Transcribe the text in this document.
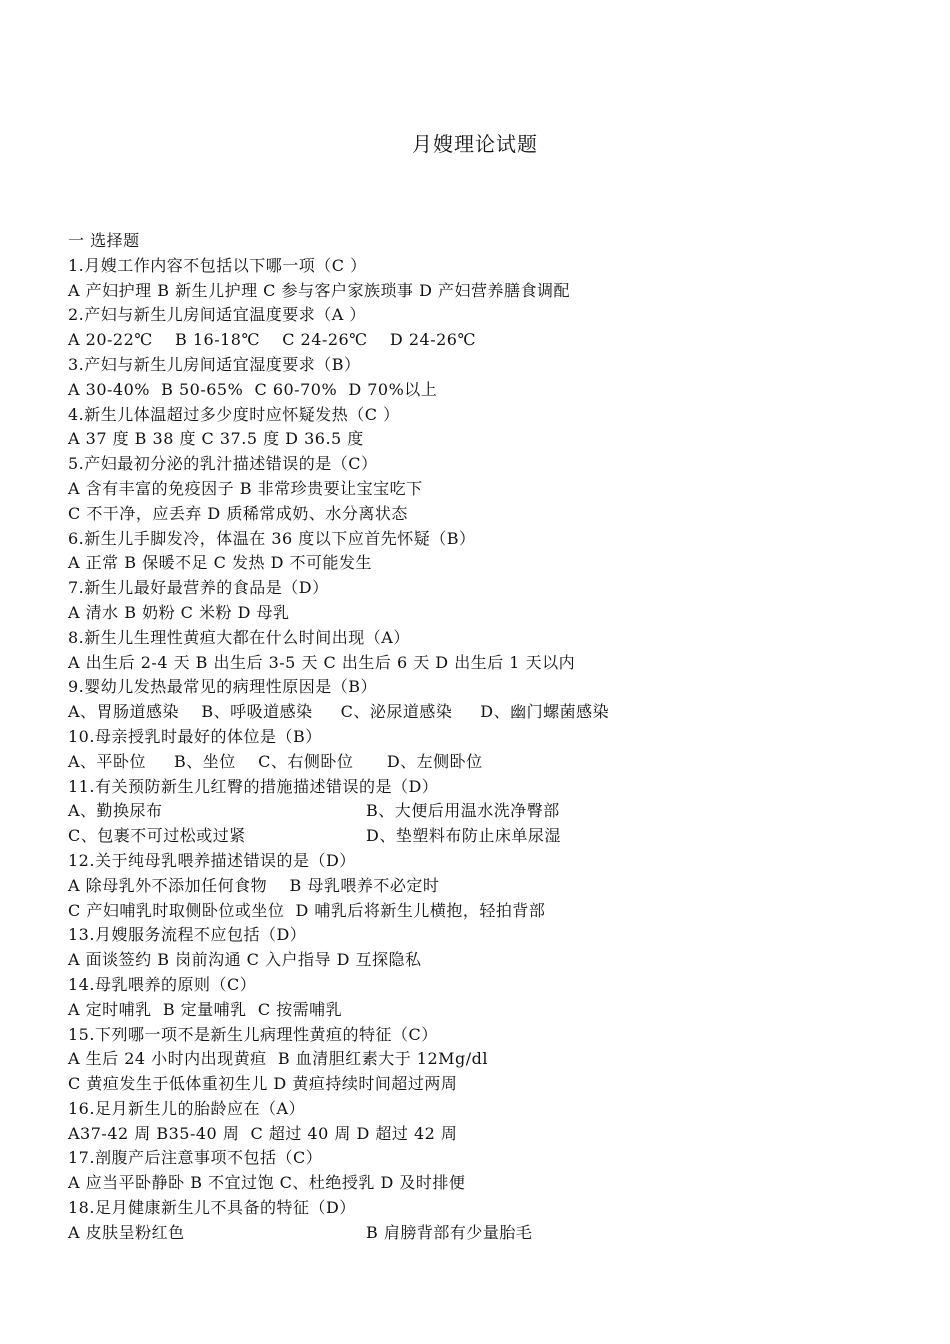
月嫂理论试题
一 选择题
1.月嫂工作内容不包括以下哪一项（C ）
A 产妇护理 B 新生儿护理 C 参与客户家族琐事 D 产妇营养膳食调配
2.产妇与新生儿房间适宜温度要求（A ）
A 20-22℃    B 16-18℃    C 24-26℃    D 24-26℃
3.产妇与新生儿房间适宜湿度要求（B）
A 30-40%  B 50-65%  C 60-70%  D 70%以上
4.新生儿体温超过多少度时应怀疑发热（C ）
A 37 度 B 38 度 C 37.5 度 D 36.5 度
5.产妇最初分泌的乳汁描述错误的是（C）
A 含有丰富的免疫因子 B 非常珍贵要让宝宝吃下
C 不干净，应丢弃 D 质稀常成奶、水分离状态
6.新生儿手脚发冷，体温在 36 度以下应首先怀疑（B）
A 正常 B 保暖不足 C 发热 D 不可能发生
7.新生儿最好最营养的食品是（D）
A 清水 B 奶粉 C 米粉 D 母乳
8.新生儿生理性黄疸大都在什么时间出现（A）
A 出生后 2-4 天 B 出生后 3-5 天 C 出生后 6 天 D 出生后 1 天以内
9.婴幼儿发热最常见的病理性原因是（B）
A、胃肠道感染    B、呼吸道感染     C、泌尿道感染     D、幽门螺菌感染
10.母亲授乳时最好的体位是（B）
A、平卧位     B、坐位    C、右侧卧位      D、左侧卧位
11.有关预防新生儿红臀的措施描述错误的是（D）
A、勤换尿布	B、大便后用温水洗净臀部
C、包裹不可过松或过紧	D、垫塑料布防止床单尿湿
12.关于纯母乳喂养描述错误的是（D）
A 除母乳外不添加任何食物    B 母乳喂养不必定时
C 产妇哺乳时取侧卧位或坐位  D 哺乳后将新生儿横抱，轻拍背部
13.月嫂服务流程不应包括（D）
A 面谈签约 B 岗前沟通 C 入户指导 D 互探隐私
14.母乳喂养的原则（C）
A 定时哺乳  B 定量哺乳  C 按需哺乳
15.下列哪一项不是新生儿病理性黄疸的特征（C）
A 生后 24 小时内出现黄疸  B 血清胆红素大于 12Mg/dl
C 黄疸发生于低体重初生儿 D 黄疸持续时间超过两周
16.足月新生儿的胎龄应在（A）
A37-42 周 B35-40 周  C 超过 40 周 D 超过 42 周
17.剖腹产后注意事项不包括（C）
A 应当平卧静卧 B 不宜过饱 C、杜绝授乳 D 及时排便
18.足月健康新生儿不具备的特征（D）
A 皮肤呈粉红色	B 肩膀背部有少量胎毛
